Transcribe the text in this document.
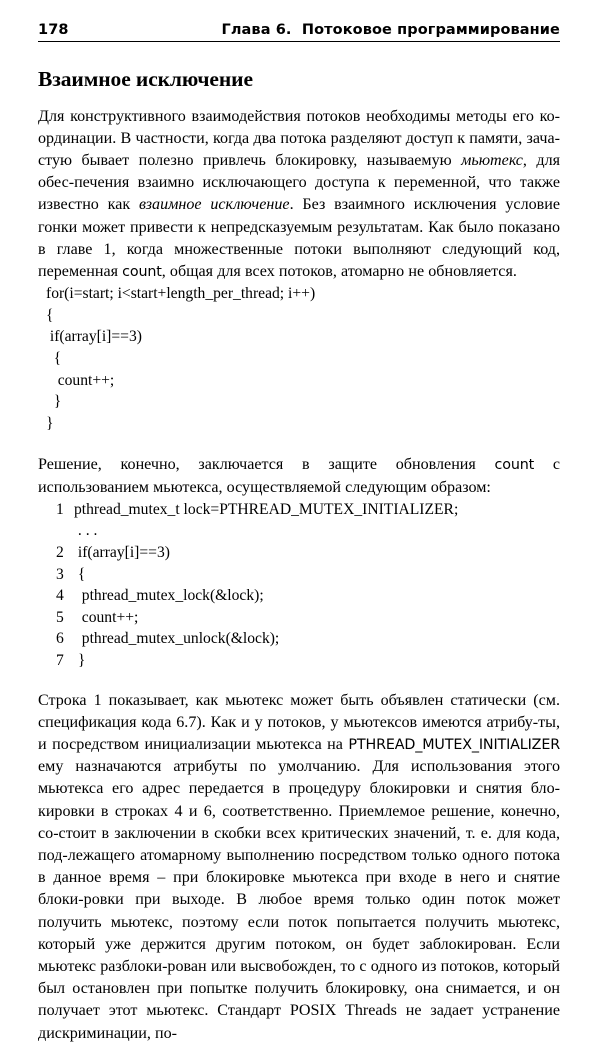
178	Глава 6.  Потоковое программирование
Взаимное исключение

Для конструктивного взаимодействия потоков необходимы методы его ко-ординации. В частности, когда два потока разделяют доступ к памяти, зача-стую бывает полезно привлечь блокировку, называемую мьютекс, для обес-печения взаимно исключающего доступа к переменной, что также известно как взаимное исключение. Без взаимного исключения условие гонки может привести к непредсказуемым результатам. Как было показано в главе 1, когда множественные потоки выполняют следующий код, переменная count, общая для всех потоков, атомарно не обновляется.

for(i=start; i<start+length_per_thread; i++)
{
if(array[i]==3)
{
count++;
}
}

Решение, конечно, заключается в защите обновления count с использованием мьютекса, осуществляемой следующим образом:

1 pthread_mutex_t lock=PTHREAD_MUTEX_INITIALIZER;
. . .
2 if(array[i]==3)
3 {
4  pthread_mutex_lock(&lock);
5  count++;
6  pthread_mutex_unlock(&lock);
7 }

Строка 1 показывает, как мьютекс может быть объявлен статически (см. спецификация кода 6.7). Как и у потоков, у мьютексов имеются атрибу-ты, и посредством инициализации мьютекса на PTHREAD_MUTEX_INITIALIZER ему назначаются атрибуты по умолчанию. Для использования этого мьютекса его адрес передается в процедуру блокировки и снятия бло-кировки в строках 4 и 6, соответственно. Приемлемое решение, конечно, со-стоит в заключении в скобки всех критических значений, т. е. для кода, под-лежащего атомарному выполнению посредством только одного потока в данное время – при блокировке мьютекса при входе в него и снятие блоки-ровки при выходе. В любое время только один поток может получить мьютекс, поэтому если поток попытается получить мьютекс, который уже держится другим потоком, он будет заблокирован. Если мьютекс разблоки-рован или высвобожден, то с одного из потоков, который был остановлен при попытке получить блокировку, она снимается, и он получает этот мьютекс. Стандарт POSIX Threads не задает устранение дискриминации, по-
